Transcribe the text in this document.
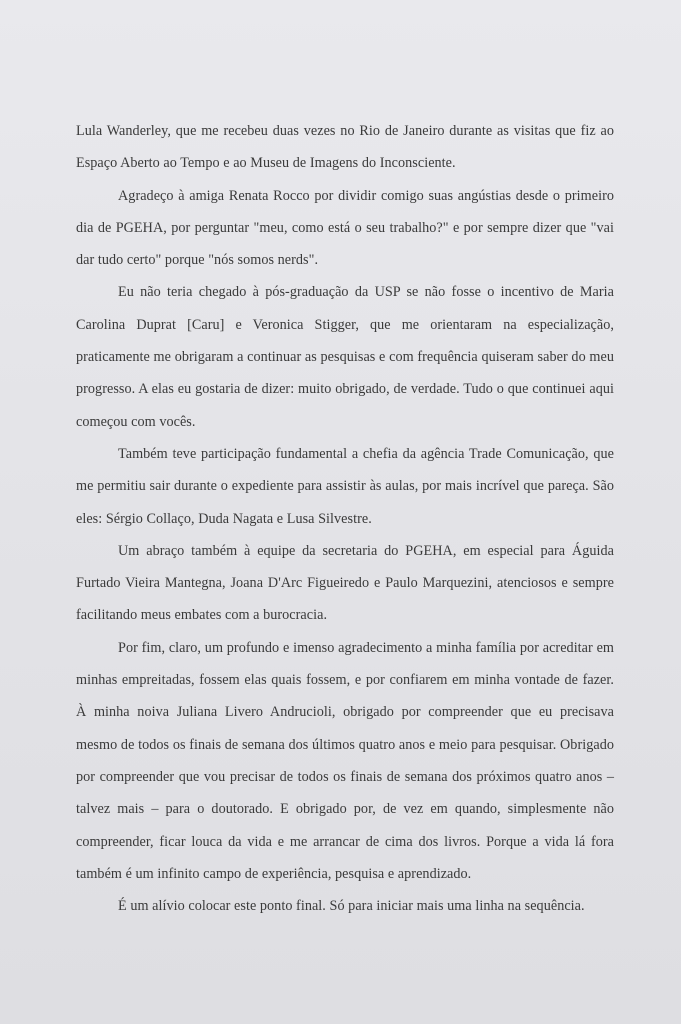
Lula Wanderley, que me recebeu duas vezes no Rio de Janeiro durante as visitas que fiz ao Espaço Aberto ao Tempo e ao Museu de Imagens do Inconsciente.

Agradeço à amiga Renata Rocco por dividir comigo suas angústias desde o primeiro dia de PGEHA, por perguntar "meu, como está o seu trabalho?" e por sempre dizer que "vai dar tudo certo" porque "nós somos nerds".

Eu não teria chegado à pós-graduação da USP se não fosse o incentivo de Maria Carolina Duprat [Caru] e Veronica Stigger, que me orientaram na especialização, praticamente me obrigaram a continuar as pesquisas e com frequência quiseram saber do meu progresso. A elas eu gostaria de dizer: muito obrigado, de verdade. Tudo o que continuei aqui começou com vocês.

Também teve participação fundamental a chefia da agência Trade Comunicação, que me permitiu sair durante o expediente para assistir às aulas, por mais incrível que pareça. São eles: Sérgio Collaço, Duda Nagata e Lusa Silvestre.

Um abraço também à equipe da secretaria do PGEHA, em especial para Águida Furtado Vieira Mantegna, Joana D'Arc Figueiredo e Paulo Marquezini, atenciosos e sempre facilitando meus embates com a burocracia.

Por fim, claro, um profundo e imenso agradecimento a minha família por acreditar em minhas empreitadas, fossem elas quais fossem, e por confiarem em minha vontade de fazer. À minha noiva Juliana Livero Andrucioli, obrigado por compreender que eu precisava mesmo de todos os finais de semana dos últimos quatro anos e meio para pesquisar. Obrigado por compreender que vou precisar de todos os finais de semana dos próximos quatro anos – talvez mais – para o doutorado. E obrigado por, de vez em quando, simplesmente não compreender, ficar louca da vida e me arrancar de cima dos livros. Porque a vida lá fora também é um infinito campo de experiência, pesquisa e aprendizado.

É um alívio colocar este ponto final. Só para iniciar mais uma linha na sequência.
